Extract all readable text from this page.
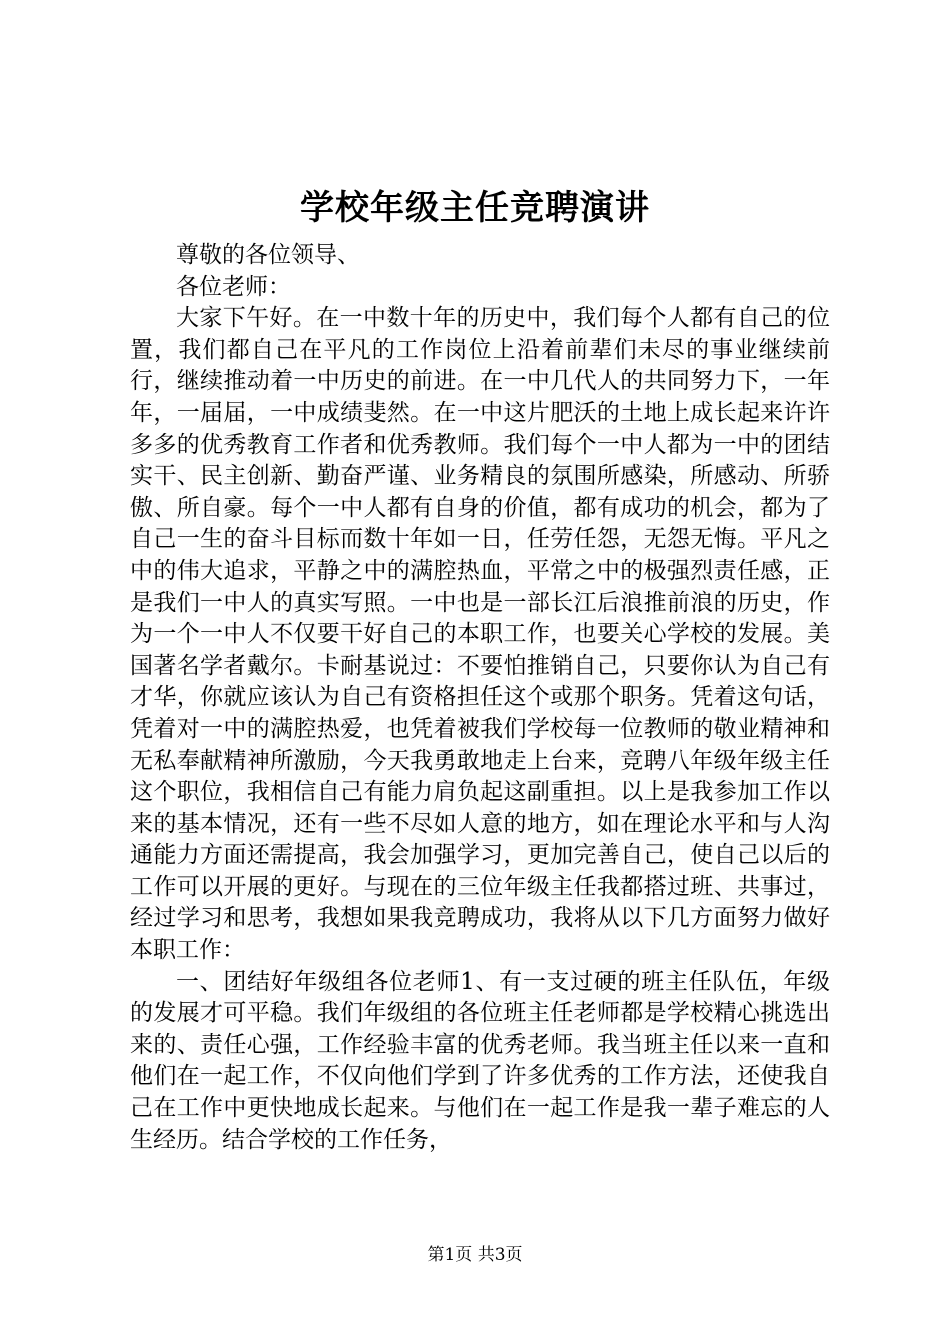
学校年级主任竞聘演讲

尊敬的各位领导、

各位老师：

大家下午好。在一中数十年的历史中，我们每个人都有自己的位置，我们都自己在平凡的工作岗位上沿着前辈们未尽的事业继续前行，继续推动着一中历史的前进。在一中几代人的共同努力下，一年年，一届届，一中成绩斐然。在一中这片肥沃的土地上成长起来许许多多的优秀教育工作者和优秀教师。我们每个一中人都为一中的团结实干、民主创新、勤奋严谨、业务精良的氛围所感染，所感动、所骄傲、所自豪。每个一中人都有自身的价值，都有成功的机会，都为了自己一生的奋斗目标而数十年如一日，任劳任怨，无怨无悔。平凡之中的伟大追求，平静之中的满腔热血，平常之中的极强烈责任感，正是我们一中人的真实写照。一中也是一部长江后浪推前浪的历史，作为一个一中人不仅要干好自己的本职工作，也要关心学校的发展。美国著名学者戴尔。卡耐基说过：不要怕推销自己，只要你认为自己有才华，你就应该认为自己有资格担任这个或那个职务。凭着这句话，凭着对一中的满腔热爱，也凭着被我们学校每一位教师的敬业精神和无私奉献精神所激励，今天我勇敢地走上台来，竞聘八年级年级主任这个职位，我相信自己有能力肩负起这副重担。以上是我参加工作以来的基本情况，还有一些不尽如人意的地方，如在理论水平和与人沟通能力方面还需提高，我会加强学习，更加完善自己，使自己以后的工作可以开展的更好。与现在的三位年级主任我都搭过班、共事过，经过学习和思考，我想如果我竞聘成功，我将从以下几方面努力做好本职工作：

一、团结好年级组各位老师1、有一支过硬的班主任队伍，年级的发展才可平稳。我们年级组的各位班主任老师都是学校精心挑选出来的、责任心强，工作经验丰富的优秀老师。我当班主任以来一直和他们在一起工作，不仅向他们学到了许多优秀的工作方法，还使我自己在工作中更快地成长起来。与他们在一起工作是我一辈子难忘的人生经历。结合学校的工作任务，

第1页 共3页
